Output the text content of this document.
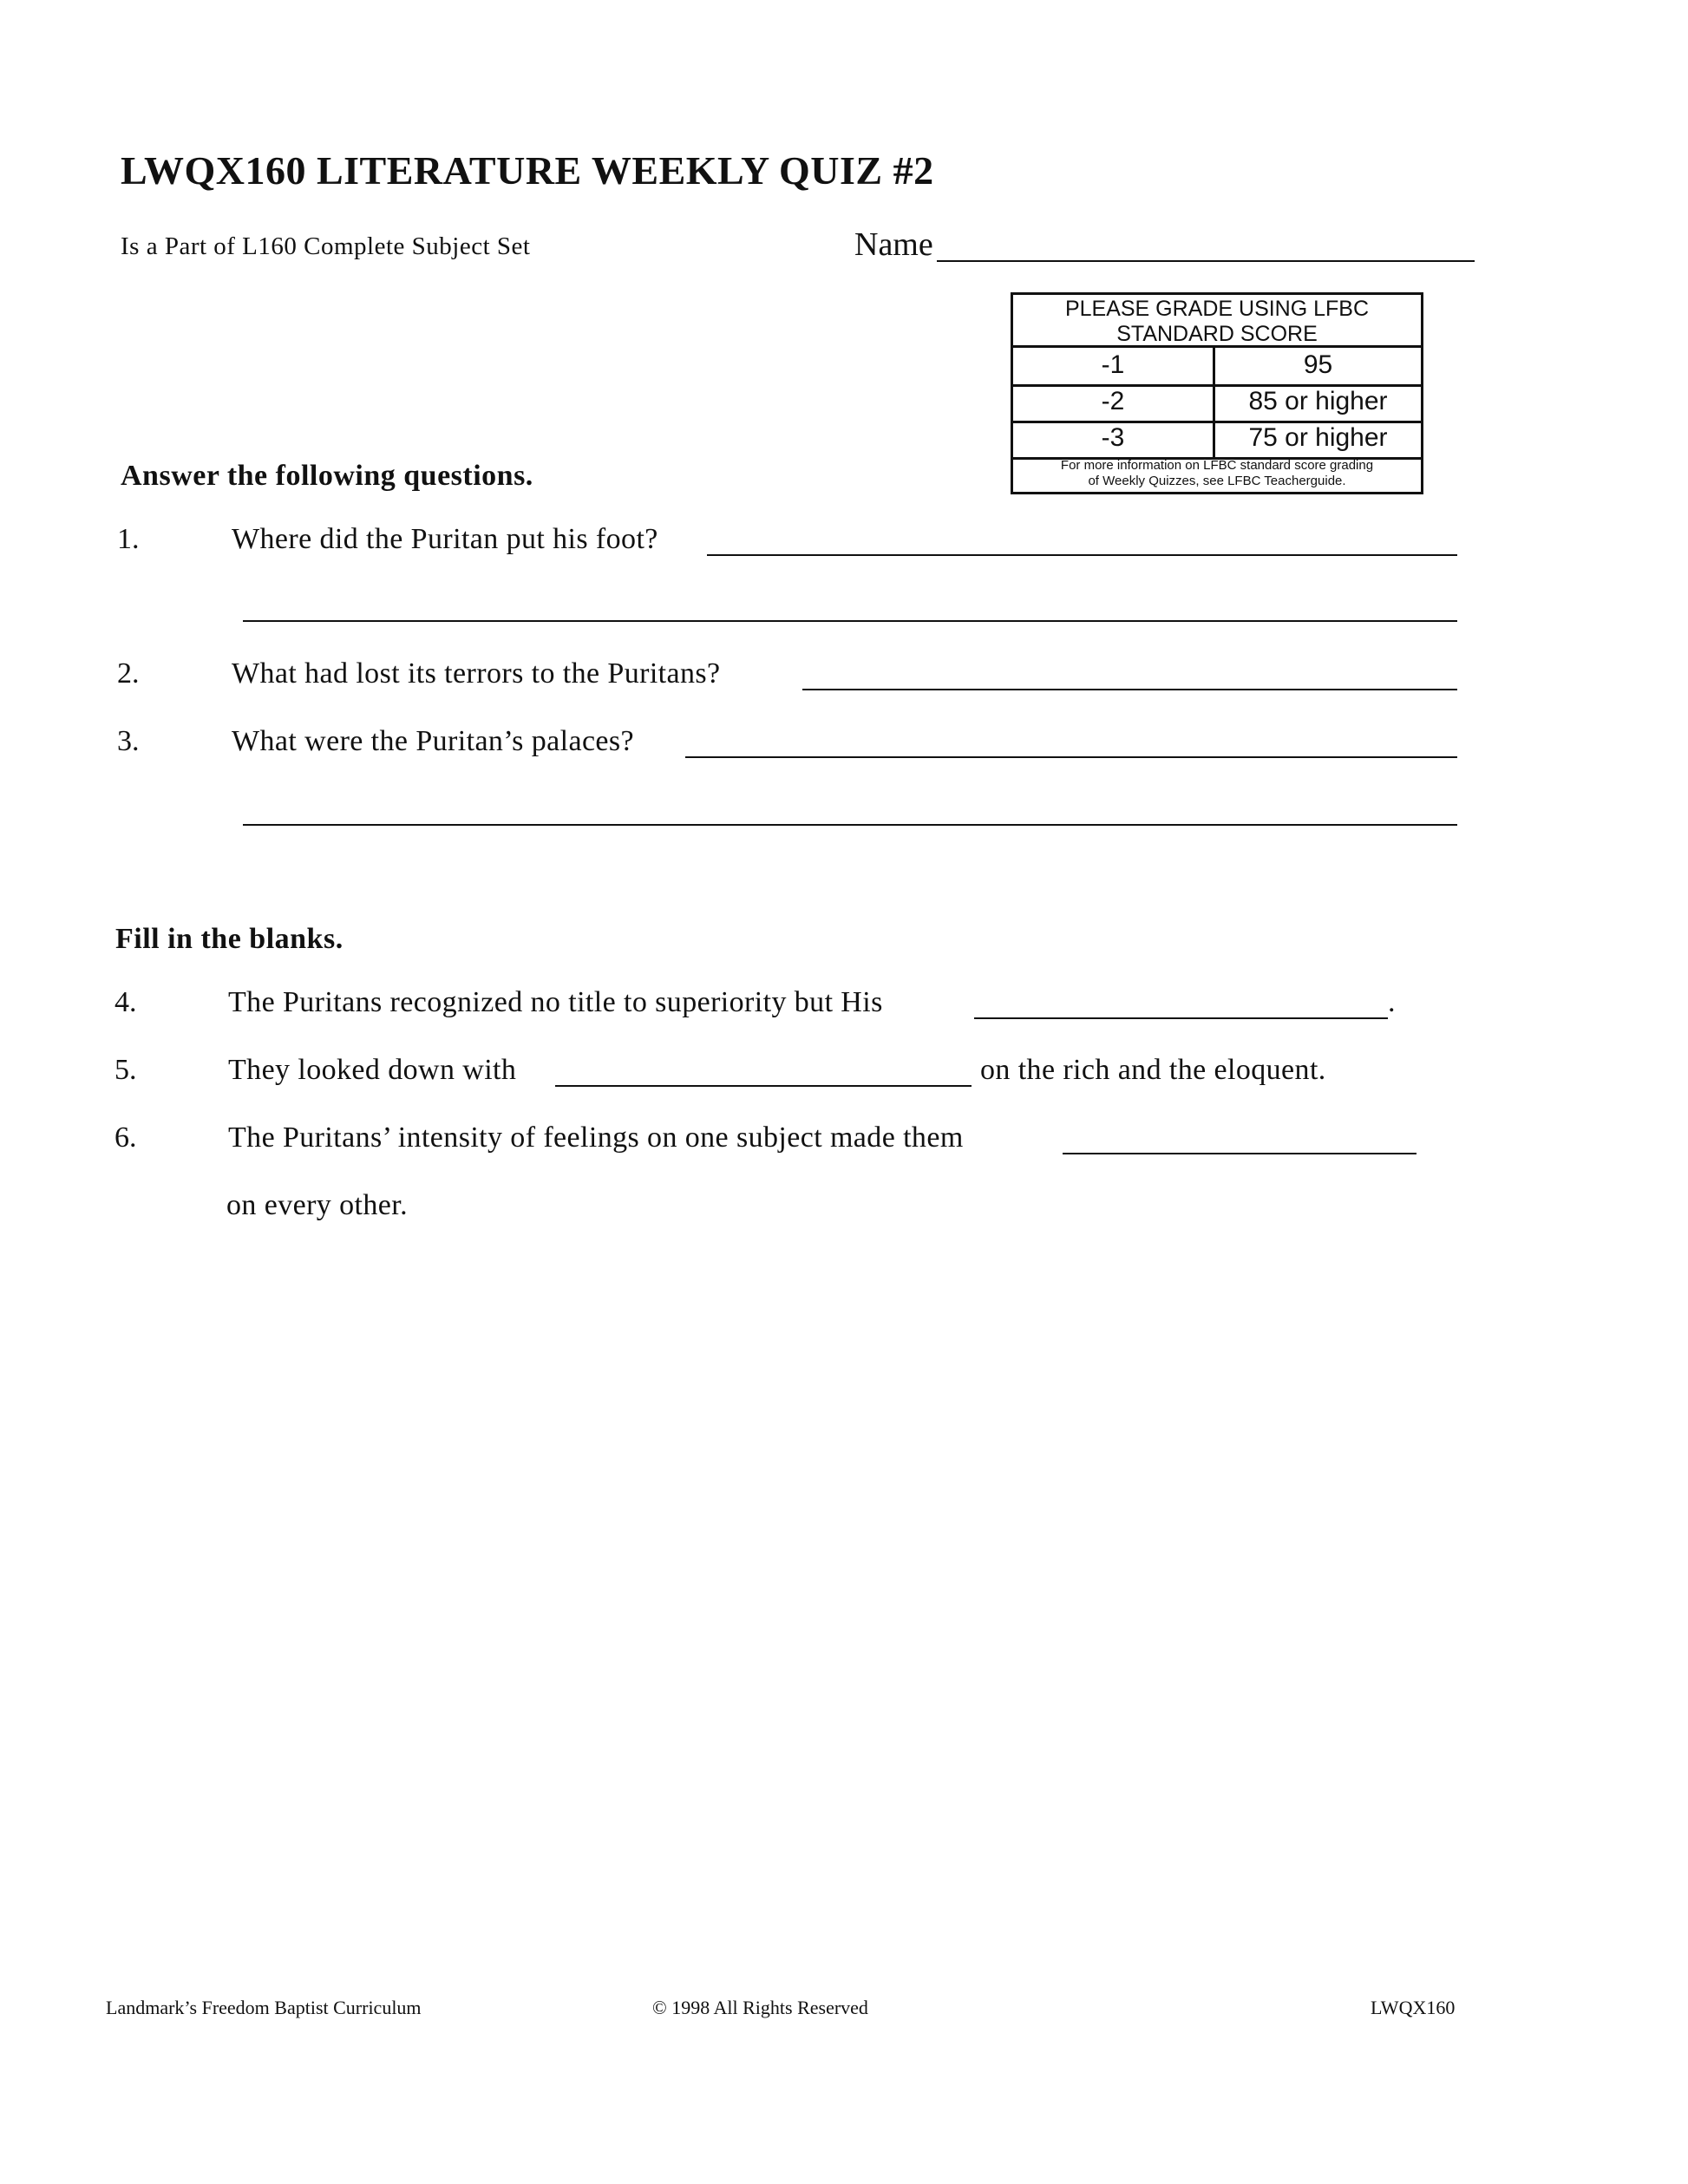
LWQX160 LITERATURE WEEKLY QUIZ #2
Is a Part of L160 Complete Subject Set	Name
PLEASE GRADE USING LFBC
STANDARD SCORE
-1	95
-2	85 or higher
-3	75 or higher
For more information on LFBC standard score grading
of Weekly Quizzes, see LFBC Teacherguide.
Answer the following questions.
1.	Where did the Puritan put his foot?
2.	What had lost its terrors to the Puritans?
3.	What were the Puritan’s palaces?
Fill in the blanks.
4.	The Puritans recognized no title to superiority but His	.
5.	They looked down with	on the rich and the eloquent.
6.	The Puritans’ intensity of feelings on one subject made them
on every other.
Landmark’s Freedom Baptist Curriculum	© 1998 All Rights Reserved	LWQX160
